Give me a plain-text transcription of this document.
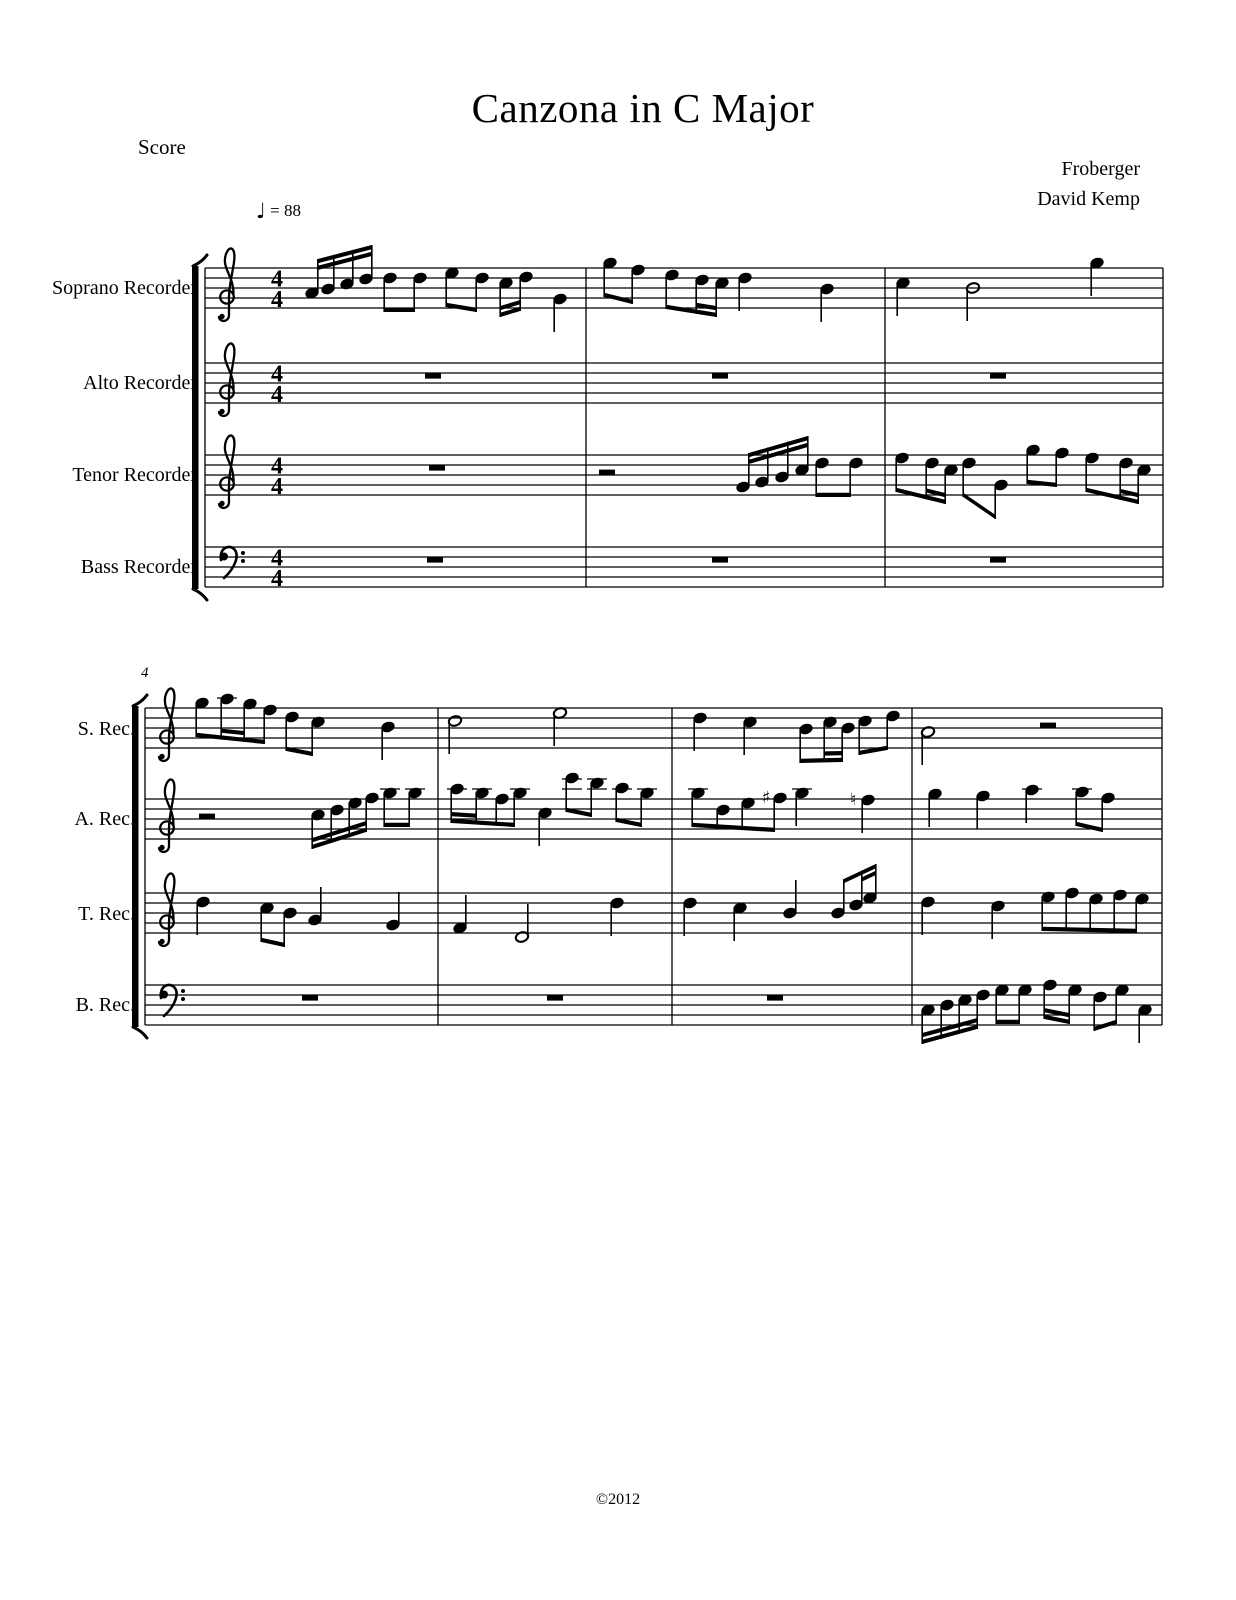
4
4
4
4
4
4
4
4
♯	♮
Canzona in C Major
Score
Froberger
David Kemp
♩ = 88
4
Soprano Recorder
Alto Recorder
Tenor Recorder
Bass Recorder
S. Rec.
A. Rec.
T. Rec.
B. Rec.
©2012
